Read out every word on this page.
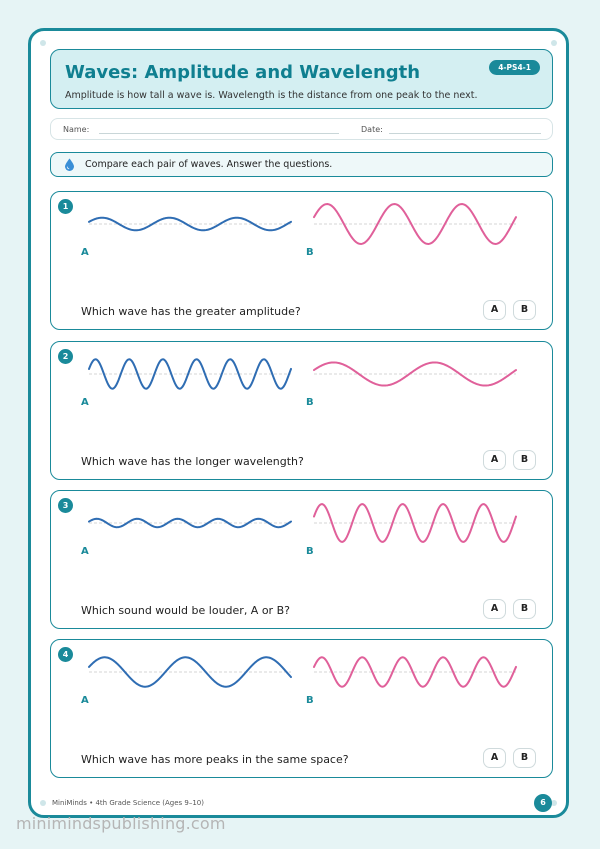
Waves: Amplitude and Wavelength
Amplitude is how tall a wave is. Wavelength is the distance from one peak to the next.
4-PS4-1
Name:	Date:
Compare each pair of waves. Answer the questions.
1
A	B
Which wave has the greater amplitude?	A	B
2
A	B
Which wave has the longer wavelength?	A	B
3
A	B
Which sound would be louder, A or B?	A	B
4
A	B
Which wave has more peaks in the same space?	A	B
MiniMinds • 4th Grade Science (Ages 9–10)	6
minimindspublishing.com
